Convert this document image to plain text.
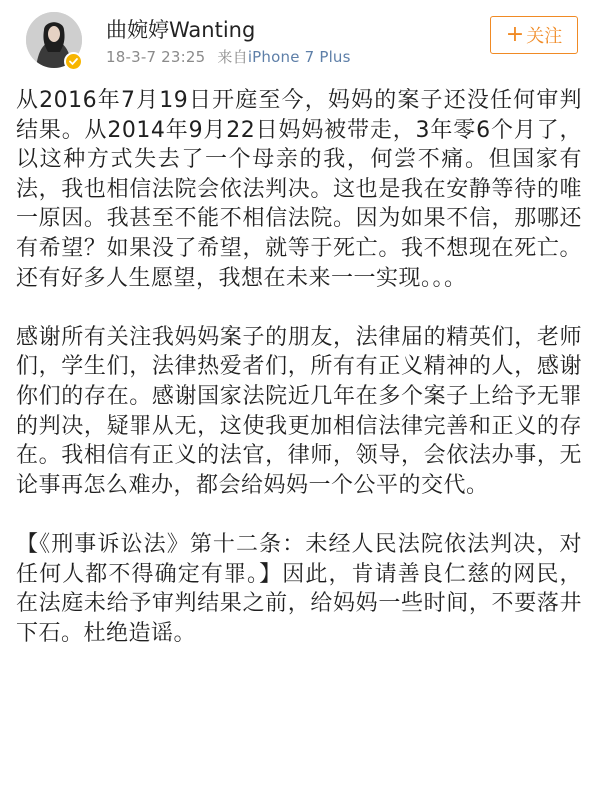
曲婉婷Wanting
18-3-7 23:25 来自iPhone 7 Plus
+ 关注

从2016年7月19日开庭至今，妈妈的案子还没任何审判结果。从2014年9月22日妈妈被带走，3年零6个月了，以这种方式失去了一个母亲的我，何尝不痛。但国家有法，我也相信法院会依法判决。这也是我在安静等待的唯一原因。我甚至不能不相信法院。因为如果不信，那哪还有希望？如果没了希望，就等于死亡。我不想现在死亡。还有好多人生愿望，我想在未来一一实现。。。

感谢所有关注我妈妈案子的朋友，法律届的精英们，老师们，学生们，法律热爱者们，所有有正义精神的人，感谢你们的存在。感谢国家法院近几年在多个案子上给予无罪的判决，疑罪从无，这使我更加相信法律完善和正义的存在。我相信有正义的法官，律师，领导，会依法办事，无论事再怎么难办，都会给妈妈一个公平的交代。

【《刑事诉讼法》第十二条：未经人民法院依法判决，对任何人都不得确定有罪。】因此，肯请善良仁慈的网民，在法庭未给予审判结果之前，给妈妈一些时间，不要落井下石。杜绝造谣。
